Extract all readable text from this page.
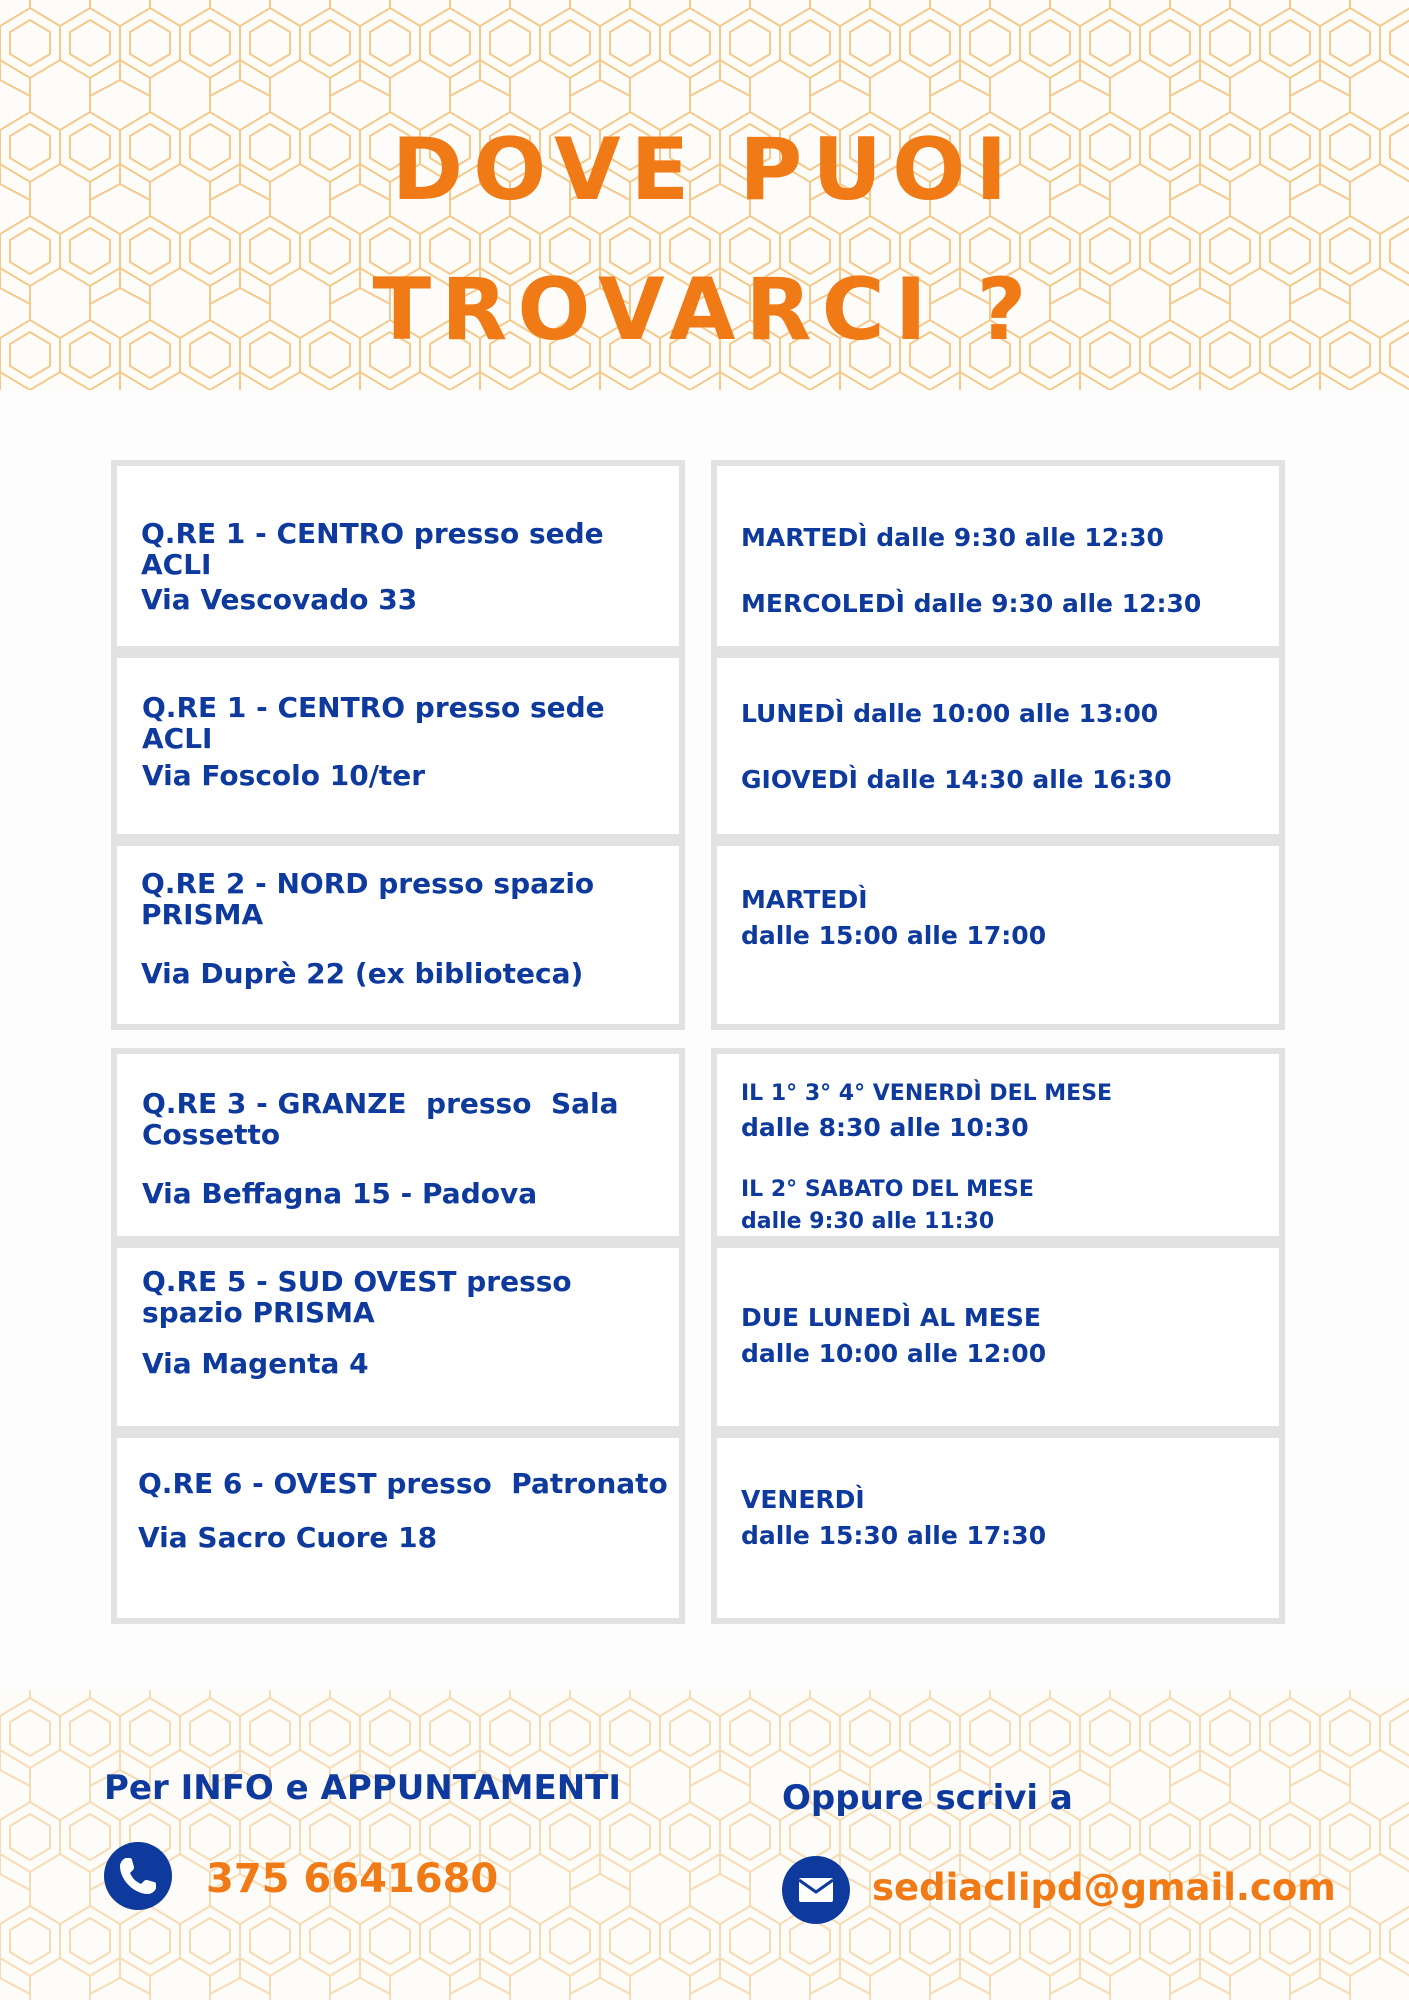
DOVE PUOI
TROVARCI ?
Q.RE 1 - CENTRO presso sede ACLI
Via Vescovado 33
Q.RE 1 - CENTRO presso sede ACLI
Via Foscolo 10/ter
Q.RE 2 - NORD presso spazio
PRISMA
Via Duprè 22 (ex biblioteca)
Q.RE 3 - GRANZE  presso  Sala
Cossetto
Via Beffagna 15 - Padova
Q.RE 5 - SUD OVEST presso
spazio PRISMA
Via Magenta 4
Q.RE 6 - OVEST presso  Patronato
Via Sacro Cuore 18
MARTEDÌ dalle 9:30 alle 12:30
MERCOLEDÌ dalle 9:30 alle 12:30
LUNEDÌ dalle 10:00 alle 13:00
GIOVEDÌ dalle 14:30 alle 16:30
MARTEDÌ
dalle 15:00 alle 17:00
IL 1° 3° 4° VENERDÌ DEL MESE
dalle 8:30 alle 10:30
IL 2° SABATO DEL MESE
dalle 9:30 alle 11:30
DUE LUNEDÌ AL MESE
dalle 10:00 alle 12:00
VENERDÌ
dalle 15:30 alle 17:30
Per INFO e APPUNTAMENTI
375 6641680
Oppure scrivi a
sediaclipd@gmail.com
